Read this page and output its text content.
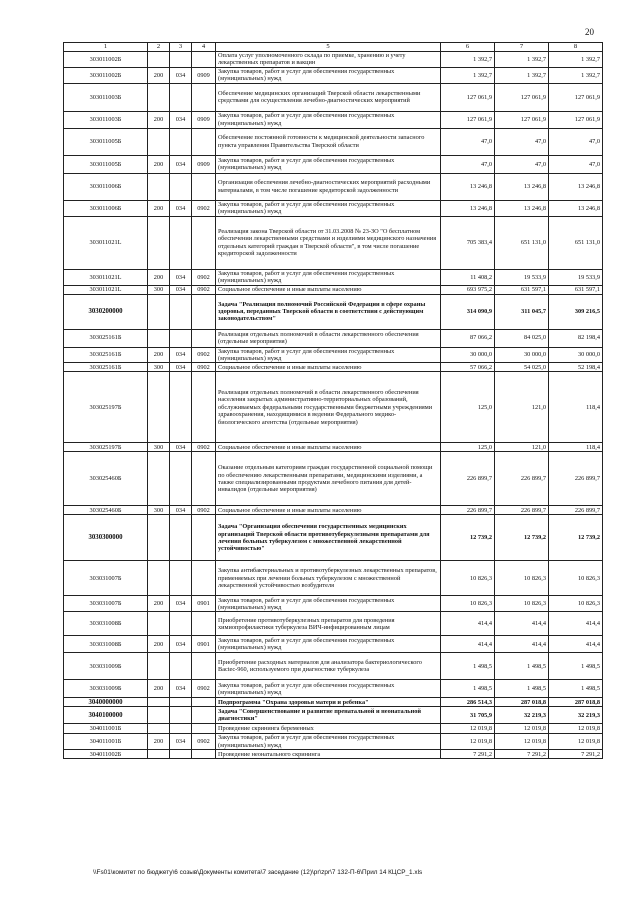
20
1	2	3	4	5	6	7	8
303011002Б				Оплата услуг уполномоченного склада по приемке, хранению и учету лекарственных препаратов и вакцин	1 392,7	1 392,7	1 392,7
303011002Б	200	034	0909	Закупка товаров, работ и услуг для обеспечения государственных (муниципальных) нужд	1 392,7	1 392,7	1 392,7
303011003Б				Обеспечение медицинских организаций Тверской области лекарственными средствами для осуществления лечебно-диагностических мероприятий	127 061,9	127 061,9	127 061,9
303011003Б	200	034	0909	Закупка товаров, работ и услуг для обеспечения государственных (муниципальных) нужд	127 061,9	127 061,9	127 061,9
303011005Б				Обеспечение постоянной готовности к медицинской деятельности запасного пункта управления Правительства Тверской области	47,0	47,0	47,0
303011005Б	200	034	0909	Закупка товаров, работ и услуг для обеспечения государственных (муниципальных) нужд	47,0	47,0	47,0
303011006Б				Организация обеспечения лечебно-диагностических мероприятий расходными материалами, в том числе погашение кредиторской задолженности	13 246,8	13 246,8	13 246,8
303011006Б	200	034	0902	Закупка товаров, работ и услуг для обеспечения государственных (муниципальных) нужд	13 246,8	13 246,8	13 246,8
303011021L				Реализация закона Тверской области от 31.03.2008 № 23-ЗО "О бесплатном обеспечении лекарственными средствами и изделиями медицинского назначения отдельных категорий граждан в Тверской области", в том числе погашение кредиторской задолженности	705 383,4	651 131,0	651 131,0
303011021L	200	034	0902	Закупка товаров, работ и услуг для обеспечения государственных (муниципальных) нужд	11 408,2	19 533,9	19 533,9
303011021L	300	034	0902	Социальное обеспечение и иные выплаты населению	693 975,2	631 597,1	631 597,1
3030200000				Задача "Реализация полномочий Российской Федерации в сфере охраны здоровья, переданных Тверской области в соответствии с действующим законодательством"	314 090,9	311 045,7	309 216,5
303025161Б				Реализация отдельных полномочий в области лекарственного обеспечения (отдельные мероприятия)	87 066,2	84 025,0	82 198,4
303025161Б	200	034	0902	Закупка товаров, работ и услуг для обеспечения государственных (муниципальных) нужд	30 000,0	30 000,0	30 000,0
303025161Б	300	034	0902	Социальное обеспечение и иные выплаты населению	57 066,2	54 025,0	52 198,4
303025197Б				Реализация отдельных полномочий в области лекарственного обеспечения населения закрытых административно-территориальных образований, обслуживаемых федеральными государственными бюджетными учреждениями здравоохранения, находящимися в ведении Федерального медико-биологического агентства (отдельные мероприятия)	125,0	121,0	118,4
303025197Б	300	034	0902	Социальное обеспечение и иные выплаты населению	125,0	121,0	118,4
303025460Б				Оказание отдельным категориям граждан государственной социальной помощи по обеспечению лекарственными препаратами, медицинскими изделиями, а также специализированными продуктами лечебного питания для детей-инвалидов (отдельные мероприятия)	226 899,7	226 899,7	226 899,7
303025460Б	300	034	0902	Социальное обеспечение и иные выплаты населению	226 899,7	226 899,7	226 899,7
3030300000				Задача "Организация обеспечения государственных медицинских организаций Тверской области противотуберкулезными препаратами для лечения больных туберкулезом с множественной лекарственной устойчивостью"	12 739,2	12 739,2	12 739,2
303031007Б				Закупка антибактериальных и противотуберкулезных лекарственных препаратов, применяемых при лечении больных туберкулезом с множественной лекарственной устойчивостью возбудителя	10 826,3	10 826,3	10 826,3
303031007Б	200	034	0901	Закупка товаров, работ и услуг для обеспечения государственных (муниципальных) нужд	10 826,3	10 826,3	10 826,3
303031008Б				Приобретение противотуберкулезных препаратов для проведения химиопрофилактики туберкулеза ВИЧ-инфицированным лицам	414,4	414,4	414,4
303031008Б	200	034	0901	Закупка товаров, работ и услуг для обеспечения государственных (муниципальных) нужд	414,4	414,4	414,4
303031009Б				Приобретение расходных материалов для анализатора бактериологического Bactec-960, используемого при диагностике туберкулеза	1 498,5	1 498,5	1 498,5
303031009Б	200	034	0902	Закупка товаров, работ и услуг для обеспечения государственных (муниципальных) нужд	1 498,5	1 498,5	1 498,5
3040000000				Подпрограмма "Охрана здоровья матери и ребенка"	286 514,3	287 018,8	287 018,8
3040100000				Задача "Совершенствование и развитие пренатальной и неонатальной диагностики"	31 705,9	32 219,3	32 219,3
304011001Б				Проведение скрининга беременных	12 019,8	12 019,8	12 019,8
304011001Б	200	034	0902	Закупка товаров, работ и услуг для обеспечения государственных (муниципальных) нужд	12 019,8	12 019,8	12 019,8
304011002Б				Проведение неонатального скрининга	7 291,2	7 291,2	7 291,2
\\Fs01\комитет по бюджету\6 созыв\Документы комитета\7 заседание (12)\pr\zpr\7 132-П-6\Прил 14 КЦСР_1.xls
